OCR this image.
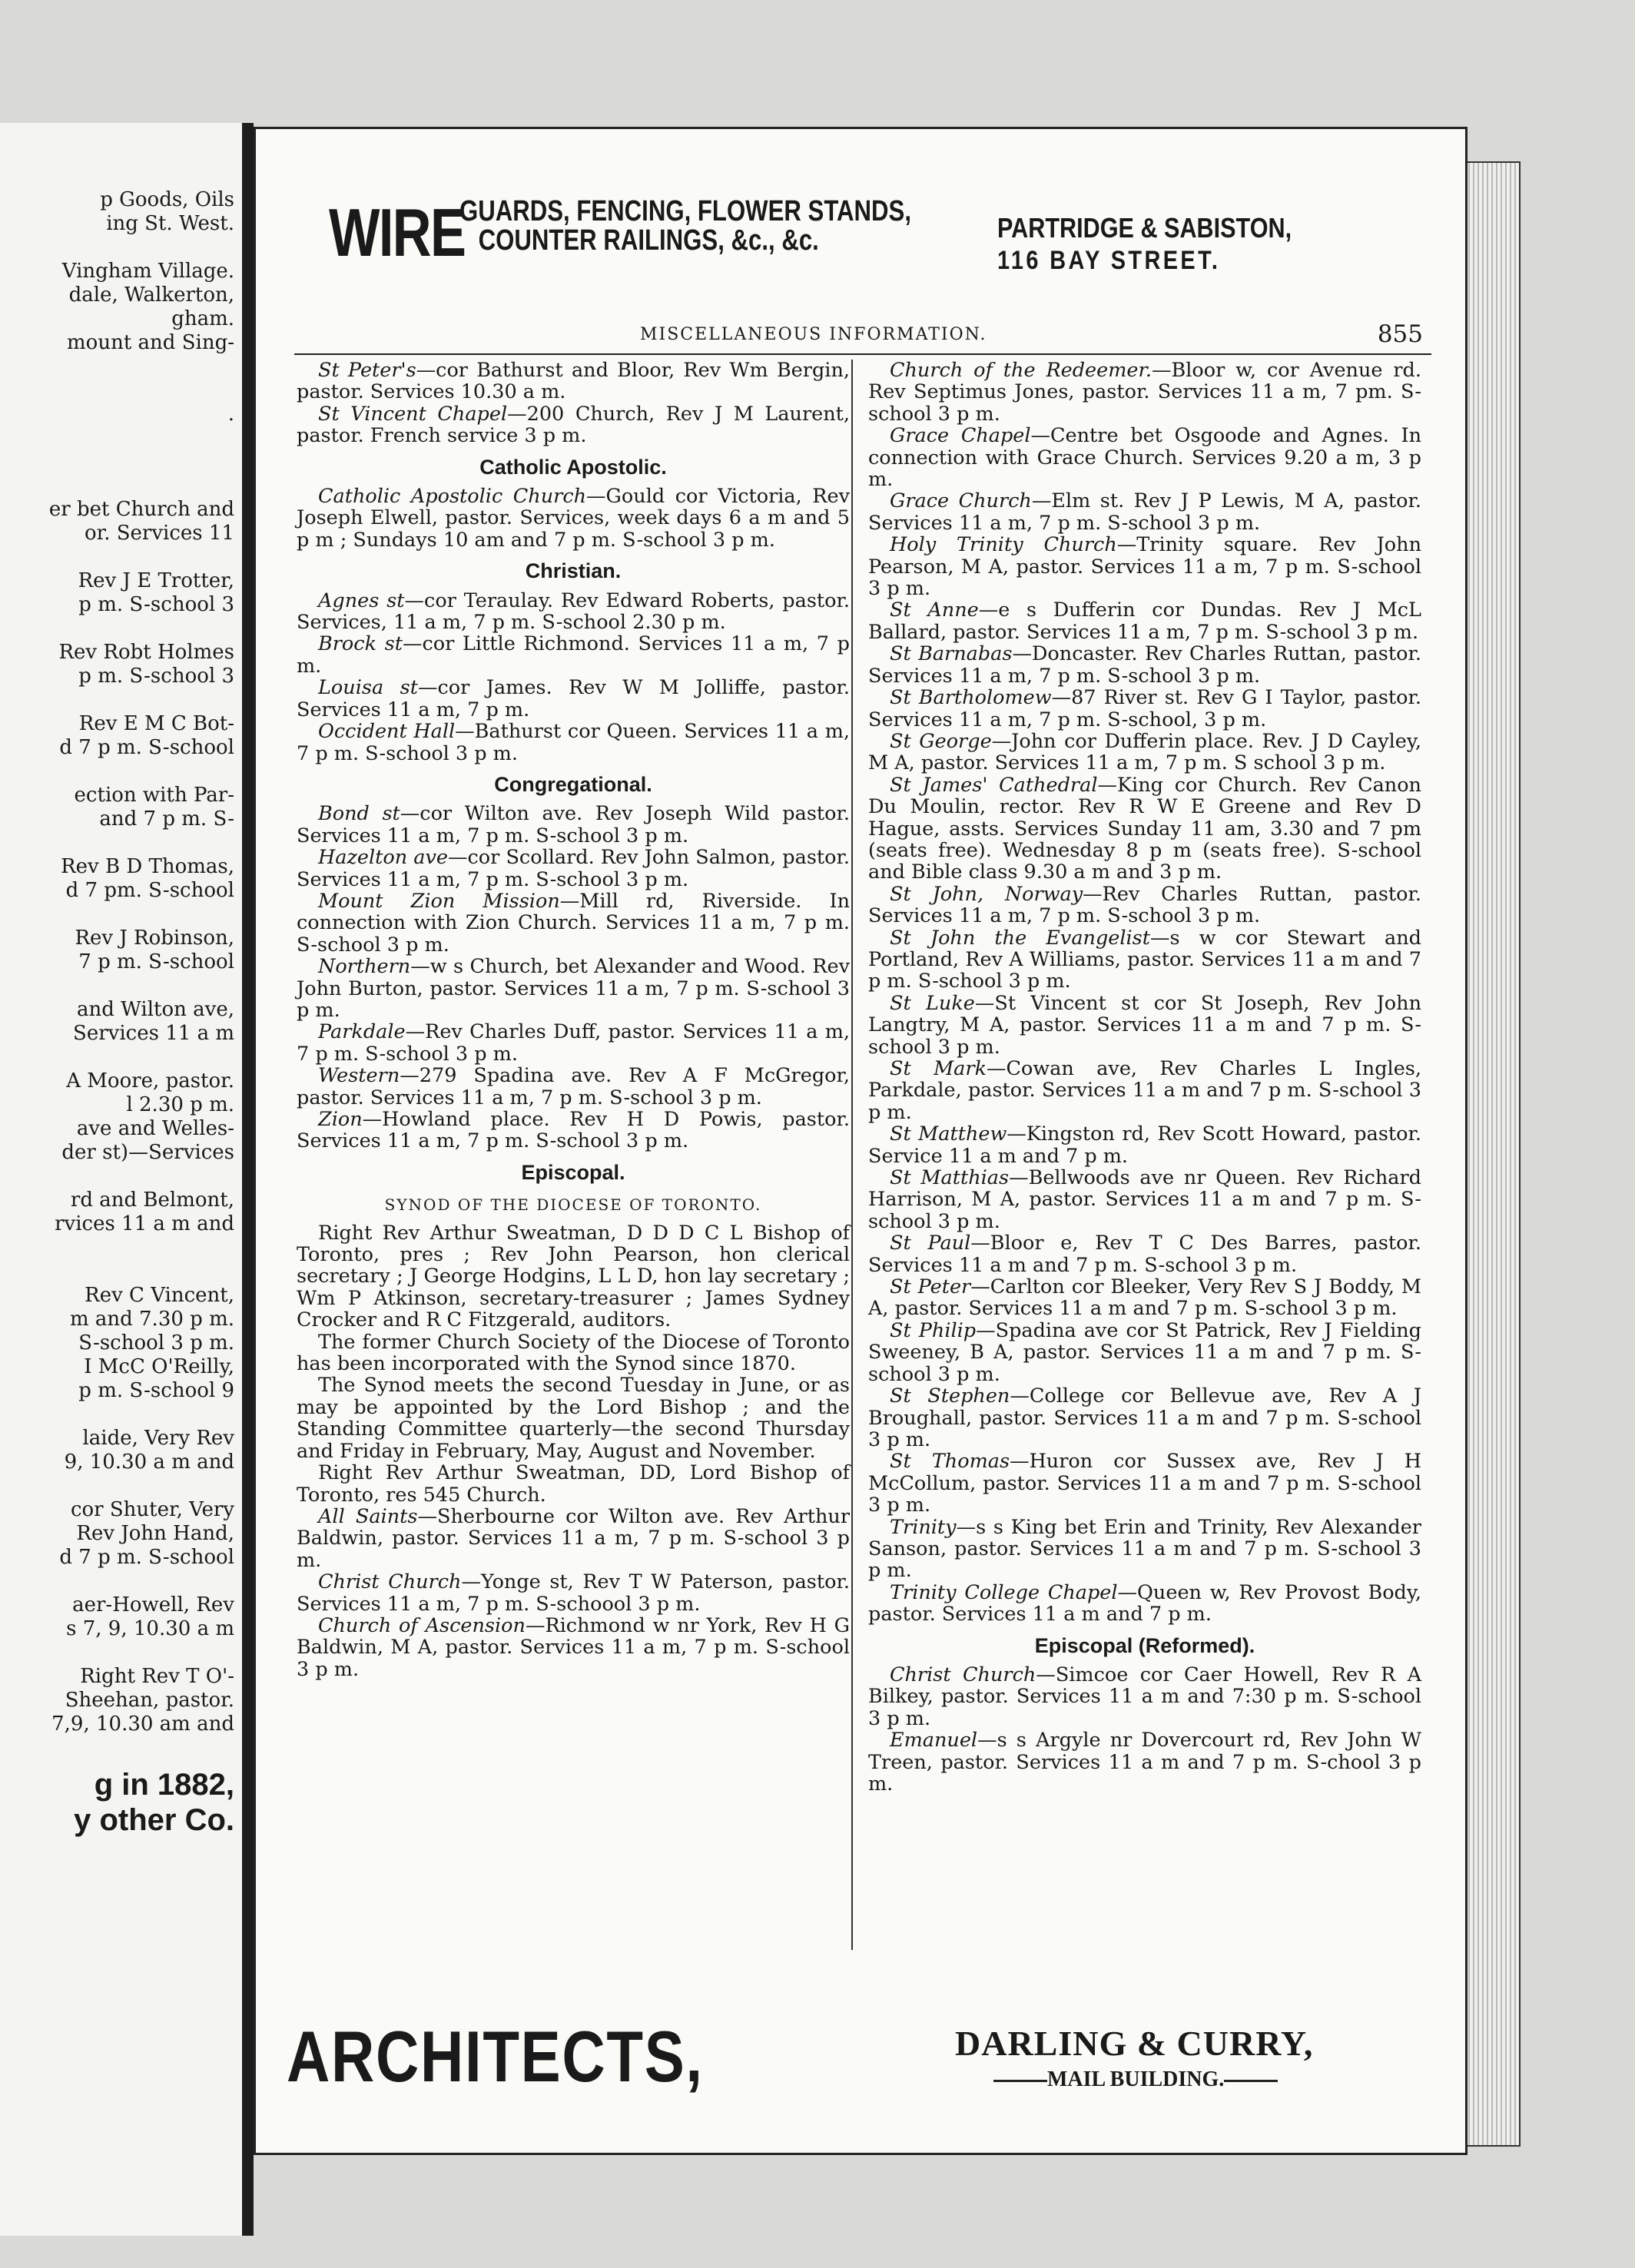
p Goods, Oils
ing St. West.

Vingham Village.
dale, Walkerton,
gham.
mount and Sing-

.

er bet Church and
or. Services 11

Rev J E Trotter,
p m. S-school 3

Rev Robt Holmes
p m. S-school 3

Rev E M C Bot-
d 7 p m. S-school

ection with Par-
and 7 p m. S-

Rev B D Thomas,
d 7 pm. S-school

Rev J Robinson,
7 p m. S-school

and Wilton ave,
Services 11 a m

A Moore, pastor.
l 2.30 p m.
ave and Welles-
der st)—Services

rd and Belmont,
rvices 11 a m and

Rev C Vincent,
m and 7.30 p m.
S-school 3 p m.
I McC O'Reilly,
p m. S-school 9

laide, Very Rev
9, 10.30 a m and

cor Shuter, Very
Rev John Hand,
d 7 p m. S-school

aer-Howell, Rev
s 7, 9, 10.30 a m

Right Rev T O'-
Sheehan, pastor.
7,9, 10.30 am and
g in 1882,
y other Co.
WIRE
GUARDS, FENCING, FLOWER STANDS,
COUNTER RAILINGS, &c., &c.	PARTRIDGE & SABISTON,
116 BAY STREET.
MISCELLANEOUS INFORMATION.	855
St Peter's—cor Bathurst and Bloor, Rev Wm Bergin, pastor. Services 10.30 a m.
St Vincent Chapel—200 Church, Rev J M Laurent, pastor. French service 3 p m.
Catholic Apostolic.
Catholic Apostolic Church—Gould cor Victoria, Rev Joseph Elwell, pastor. Services, week days 6 a m and 5 p m ; Sundays 10 am and 7 p m. S-school 3 p m.
Christian.
Agnes st—cor Teraulay. Rev Edward Roberts, pastor. Services, 11 a m, 7 p m. S-school 2.30 p m.
Brock st—cor Little Richmond. Services 11 a m, 7 p m.
Louisa st—cor James. Rev W M Jolliffe, pastor. Services 11 a m, 7 p m.
Occident Hall—Bathurst cor Queen. Services 11 a m, 7 p m. S-school 3 p m.
Congregational.
Bond st—cor Wilton ave. Rev Joseph Wild pastor. Services 11 a m, 7 p m. S-school 3 p m.
Hazelton ave—cor Scollard. Rev John Salmon, pastor. Services 11 a m, 7 p m. S-school 3 p m.
Mount Zion Mission—Mill rd, Riverside. In connection with Zion Church. Services 11 a m, 7 p m. S-school 3 p m.
Northern—w s Church, bet Alexander and Wood. Rev John Burton, pastor. Services 11 a m, 7 p m. S-school 3 p m.
Parkdale—Rev Charles Duff, pastor. Services 11 a m, 7 p m. S-school 3 p m.
Western—279 Spadina ave. Rev A F McGregor, pastor. Services 11 a m, 7 p m. S-school 3 p m.
Zion—Howland place. Rev H D Powis, pastor. Services 11 a m, 7 p m. S-school 3 p m.
Episcopal.
SYNOD OF THE DIOCESE OF TORONTO.
Right Rev Arthur Sweatman, D D D C L Bishop of Toronto, pres ; Rev John Pearson, hon clerical secretary ; J George Hodgins, L L D, hon lay secretary ; Wm P Atkinson, secretary-treasurer ; James Sydney Crocker and R C Fitzgerald, auditors.
The former Church Society of the Diocese of Toronto has been incorporated with the Synod since 1870.
The Synod meets the second Tuesday in June, or as may be appointed by the Lord Bishop ; and the Standing Committee quarterly—the second Thursday and Friday in February, May, August and November.
Right Rev Arthur Sweatman, DD, Lord Bishop of Toronto, res 545 Church.
All Saints—Sherbourne cor Wilton ave. Rev Arthur Baldwin, pastor. Services 11 a m, 7 p m. S-school 3 p m.
Christ Church—Yonge st, Rev T W Paterson, pastor. Services 11 a m, 7 p m. S-schoool 3 p m.
Church of Ascension—Richmond w nr York, Rev H G Baldwin, M A, pastor. Services 11 a m, 7 p m. S-school 3 p m.
Church of the Redeemer.—Bloor w, cor Avenue rd. Rev Septimus Jones, pastor. Services 11 a m, 7 pm. S-school 3 p m.
Grace Chapel—Centre bet Osgoode and Agnes. In connection with Grace Church. Services 9.20 a m, 3 p m.
Grace Church—Elm st. Rev J P Lewis, M A, pastor. Services 11 a m, 7 p m. S-school 3 p m.
Holy Trinity Church—Trinity square. Rev John Pearson, M A, pastor. Services 11 a m, 7 p m. S-school 3 p m.
St Anne—e s Dufferin cor Dundas. Rev J McL Ballard, pastor. Services 11 a m, 7 p m. S-school 3 p m.
St Barnabas—Doncaster. Rev Charles Ruttan, pastor. Services 11 a m, 7 p m. S-school 3 p m.
St Bartholomew—87 River st. Rev G I Taylor, pastor. Services 11 a m, 7 p m. S-school, 3 p m.
St George—John cor Dufferin place. Rev. J D Cayley, M A, pastor. Services 11 a m, 7 p m. S school 3 p m.
St James' Cathedral—King cor Church. Rev Canon Du Moulin, rector. Rev R W E Greene and Rev D Hague, assts. Services Sunday 11 am, 3.30 and 7 pm (seats free). Wednesday 8 p m (seats free). S-school and Bible class 9.30 a m and 3 p m.
St John, Norway—Rev Charles Ruttan, pastor. Services 11 a m, 7 p m. S-school 3 p m.
St John the Evangelist—s w cor Stewart and Portland, Rev A Williams, pastor. Services 11 a m and 7 p m. S-school 3 p m.
St Luke—St Vincent st cor St Joseph, Rev John Langtry, M A, pastor. Services 11 a m and 7 p m. S-school 3 p m.
St Mark—Cowan ave, Rev Charles L Ingles, Parkdale, pastor. Services 11 a m and 7 p m. S-school 3 p m.
St Matthew—Kingston rd, Rev Scott Howard, pastor. Service 11 a m and 7 p m.
St Matthias—Bellwoods ave nr Queen. Rev Richard Harrison, M A, pastor. Services 11 a m and 7 p m. S-school 3 p m.
St Paul—Bloor e, Rev T C Des Barres, pastor. Services 11 a m and 7 p m. S-school 3 p m.
St Peter—Carlton cor Bleeker, Very Rev S J Boddy, M A, pastor. Services 11 a m and 7 p m. S-school 3 p m.
St Philip—Spadina ave cor St Patrick, Rev J Fielding Sweeney, B A, pastor. Services 11 a m and 7 p m. S-school 3 p m.
St Stephen—College cor Bellevue ave, Rev A J Broughall, pastor. Services 11 a m and 7 p m. S-school 3 p m.
St Thomas—Huron cor Sussex ave, Rev J H McCollum, pastor. Services 11 a m and 7 p m. S-school 3 p m.
Trinity—s s King bet Erin and Trinity, Rev Alexander Sanson, pastor. Services 11 a m and 7 p m. S-school 3 p m.
Trinity College Chapel—Queen w, Rev Provost Body, pastor. Services 11 a m and 7 p m.
Episcopal (Reformed).
Christ Church—Simcoe cor Caer Howell, Rev R A Bilkey, pastor. Services 11 a m and 7:30 p m. S-school 3 p m.
Emanuel—s s Argyle nr Dovercourt rd, Rev John W Treen, pastor. Services 11 a m and 7 p m. S-chool 3 p m.
ARCHITECTS,	DARLING & CURRY,
MAIL BUILDING.
